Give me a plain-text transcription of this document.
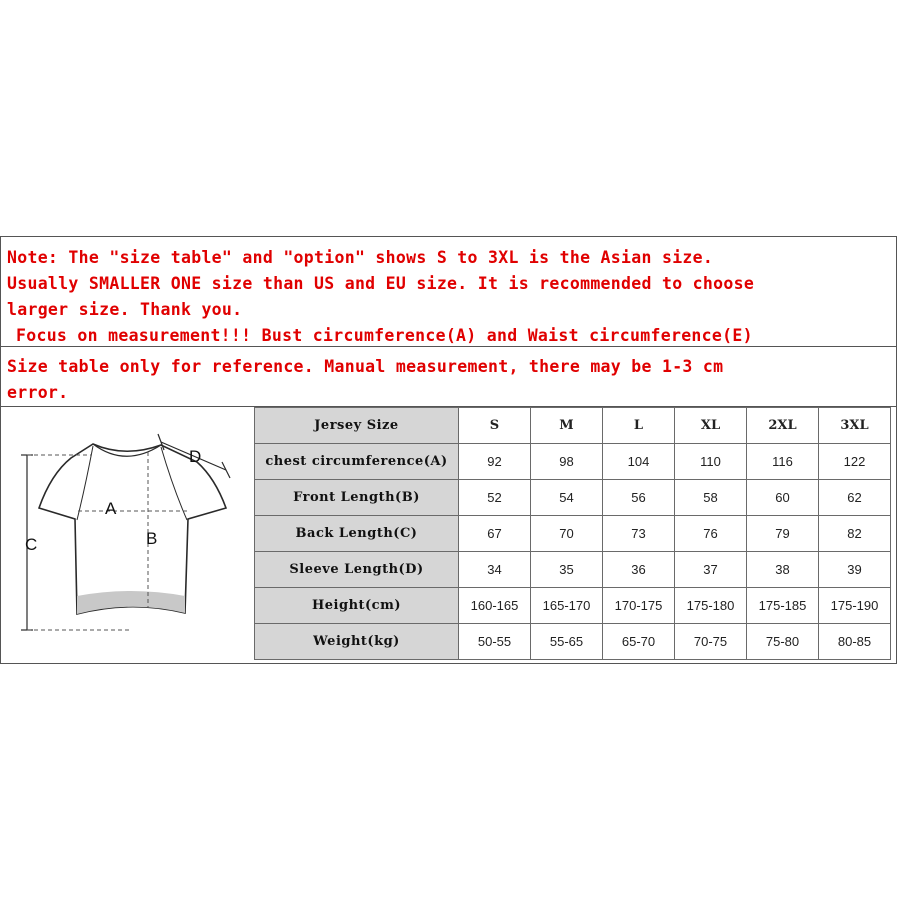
Note: The "size table" and "option" shows S to 3XL is the Asian size.
Usually SMALLER ONE size than US and EU size. It is recommended to choose
larger size. Thank you.
Focus on measurement!!! Bust circumference(A) and Waist circumference(E)
Size table only for reference. Manual measurement, there may be 1-3 cm
error.
A
B
C
D
Jersey Size	S	M	L	XL	2XL	3XL
chest circumference(A)	92	98	104	110	116	122
Front Length(B)	52	54	56	58	60	62
Back Length(C)	67	70	73	76	79	82
Sleeve Length(D)	34	35	36	37	38	39
Height(cm)	160-165	165-170	170-175	175-180	175-185	175-190
Weight(kg)	50-55	55-65	65-70	70-75	75-80	80-85
